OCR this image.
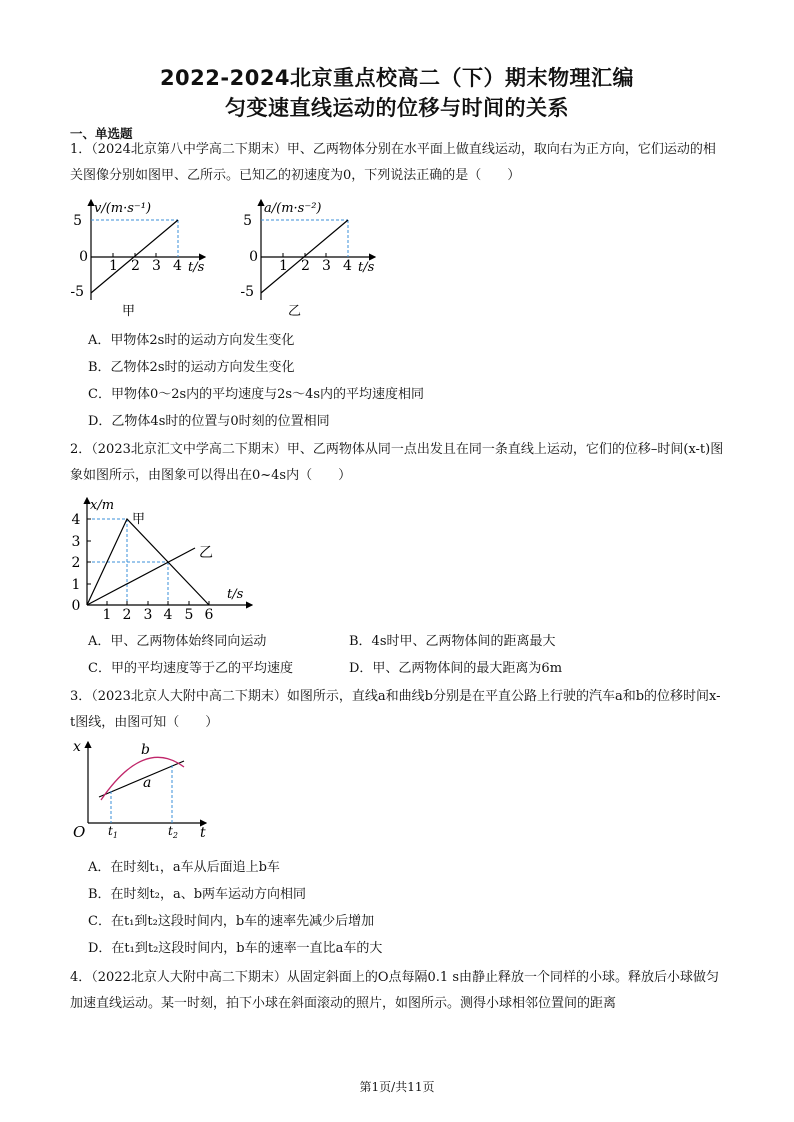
2022-2024北京重点校高二（下）期末物理汇编
匀变速直线运动的位移与时间的关系
一、单选题
1．（2024北京第八中学高二下期末）甲、乙两物体分别在水平面上做直线运动，取向右为正方向，它们运动的相关图像分别如图甲、乙所示。已知乙的初速度为0，下列说法正确的是（　　）
v/(m·s⁻¹)
5
0
-5
1 2 3 4 t/s
甲
a/(m·s⁻²)
5
0
-5
1 2 3 4 t/s
乙
A．甲物体2s时的运动方向发生变化
B．乙物体2s时的运动方向发生变化
C．甲物体0～2s内的平均速度与2s～4s内的平均速度相同
D．乙物体4s时的位置与0时刻的位置相同
2．（2023北京汇文中学高二下期末）甲、乙两物体从同一点出发且在同一条直线上运动，它们的位移–时间(x-t)图象如图所示，由图象可以得出在0~4s内（　　）
x/m
4
3
2
1
0
1 2 3 4 5 6
t/s
甲
乙
A．甲、乙两物体始终同向运动	B．4s时甲、乙两物体间的距离最大
C．甲的平均速度等于乙的平均速度	D．甲、乙两物体间的最大距离为6m
3．（2023北京人大附中高二下期末）如图所示，直线a和曲线b分别是在平直公路上行驶的汽车a和b的位移时间x-t图线，由图可知（　　）
x
O	t
b
a
$t_1$	$t_2$
A．在时刻t₁，a车从后面追上b车
B．在时刻t₂，a、b两车运动方向相同
C．在t₁到t₂这段时间内，b车的速率先减少后增加
D．在t₁到t₂这段时间内，b车的速率一直比a车的大
4．（2022北京人大附中高二下期末）从固定斜面上的O点每隔0.1 s由静止释放一个同样的小球。释放后小球做匀加速直线运动。某一时刻，拍下小球在斜面滚动的照片，如图所示。测得小球相邻位置间的距离
第1页/共11页
